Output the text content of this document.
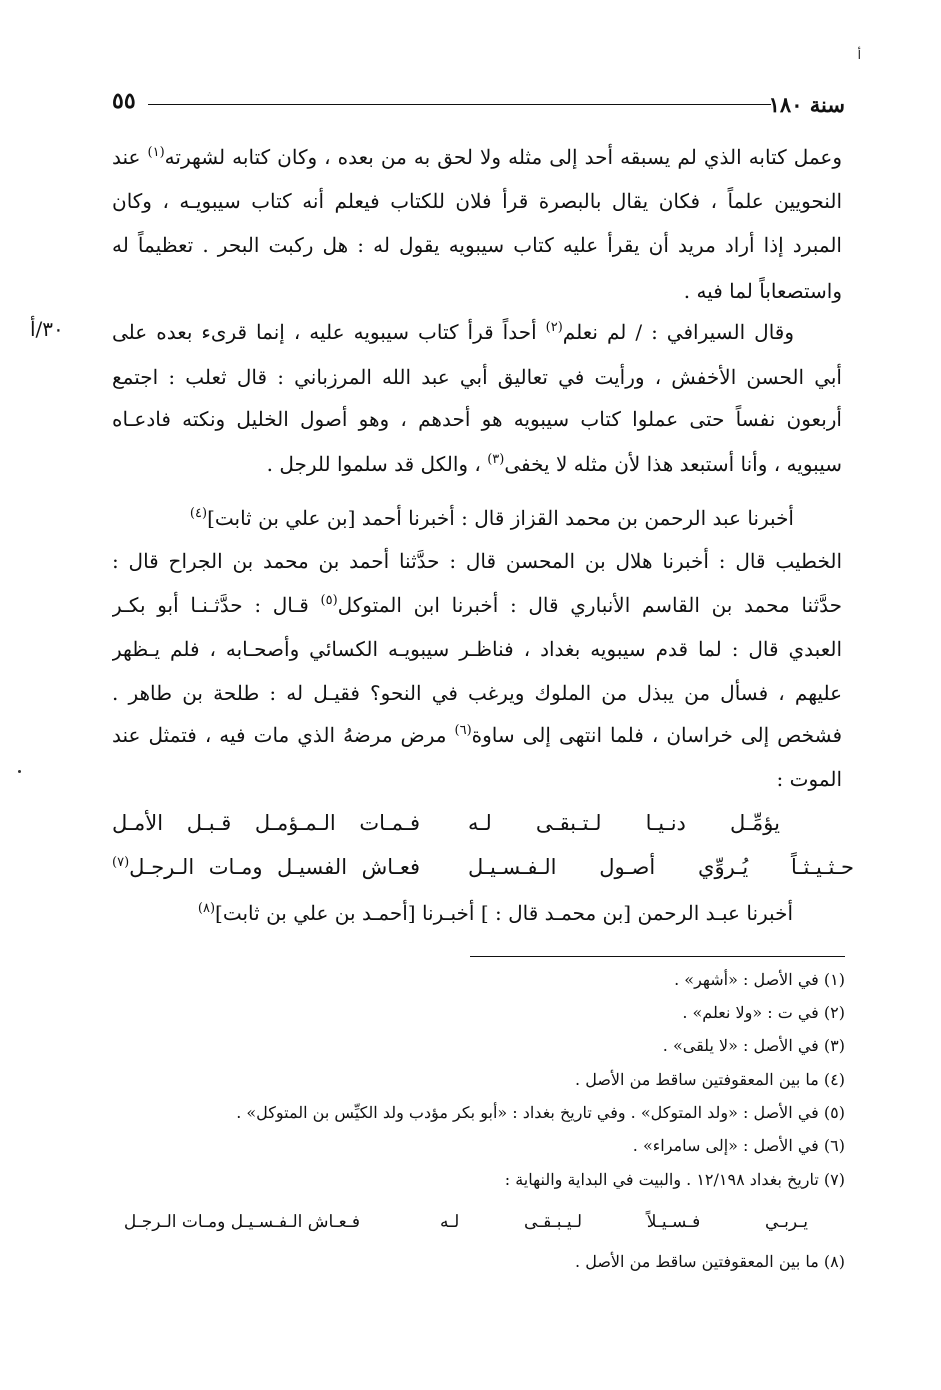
أ
سنة ١٨٠
٥٥
٣٠/أ
وعمل كتابه الذي لم يسبقه أحد إلى مثله ولا لحق به من بعده ، وكان كتابه لشهرته$^{(١)}$ عند
النحويين علماً ، فكان يقال بالبصرة قرأ فلان للكتاب فيعلم أنه كتاب سيبويـه ، وكان
المبرد إذا أراد مريد أن يقرأ عليه كتاب سيبويه يقول له : هل ركبت البحر . تعظيماً له
واستصعاباً لما فيه .
وقال السيرافي : / لم نعلم$^{(٢)}$ أحداً قرأ كتاب سيبويه عليه ، إنما قرىء بعده على
أبي الحسن الأخفش ، ورأيت في تعاليق أبي عبد الله المرزباني : قال ثعلب : اجتمع
أربعون نفساً حتى عملوا كتاب سيبويه هو أحدهم ، وهو أصول الخليل ونكته فادعـاه
سيبويه ، وأنا أستبعد هذا لأن مثله لا يخفى$^{(٣)}$ ، والكل قد سلموا للرجل .
أخبرنا عبد الرحمن بن محمد القزاز قال : أخبرنا أحمد [بن علي بن ثابت]$^{(٤)}$
الخطيب قال : أخبرنا هلال بن المحسن قال : حدَّثنا أحمد بن محمد بن الجراح قال :
حدَّثنا محمد بن القاسم الأنباري قال : أخبرنا ابن المتوكل$^{(٥)}$ قـال : حدَّثـنـا أبو بكـر
العبدي قال : لما قدم سيبويه بغداد ، فناظـر سيبويـه الكسائي وأصحـابه ، فلم يـظهر
عليهم ، فسأل من يبذل من الملوك ويرغب في النحو؟ فقيـل له : طلحة بن طاهر .
فشخص إلى خراسان ، فلما انتهى إلى ساوة$^{(٦)}$ مرض مرضهُ الذي مات فيه ، فتمثل عند
الموت :
فـمـات الـمـؤمـل قـبـل الأمـل يؤمِّـل دنـيـا لـتـبقـى لـه
فعـاش الفسيـل ومـات الـرجـل$^{(٧)}$	حـثـيـثـاً يُـروِّي أصـول الـفـسـيـل
أخبرنا عبـد الرحمن [بن محمـد قال : ] أخبـرنا [أحمـد بن علي بن ثابت]$^{(٨)}$
(١) في الأصل : «أشهر» .
(٢) في ت : «ولا نعلم» .
(٣) في الأصل : «لا يلقى» .
(٤) ما بين المعقوفتين ساقط من الأصل .
(٥) في الأصل : «ولد المتوكل» . وفي تاريخ بغداد : «أبو بكر مؤدب ولد الكيِّس بن المتوكل» .
(٦) في الأصل : «إلى سامراء» .
(٧) تاريخ بغداد ١٢/١٩٨ . والبيت في البداية والنهاية :
فـعـاش الـفـسـيـل ومـات الـرجـل	يـربـي فـسـيـلاً لـيـبـقـى لـه
(٨) ما بين المعقوفتين ساقط من الأصل .
